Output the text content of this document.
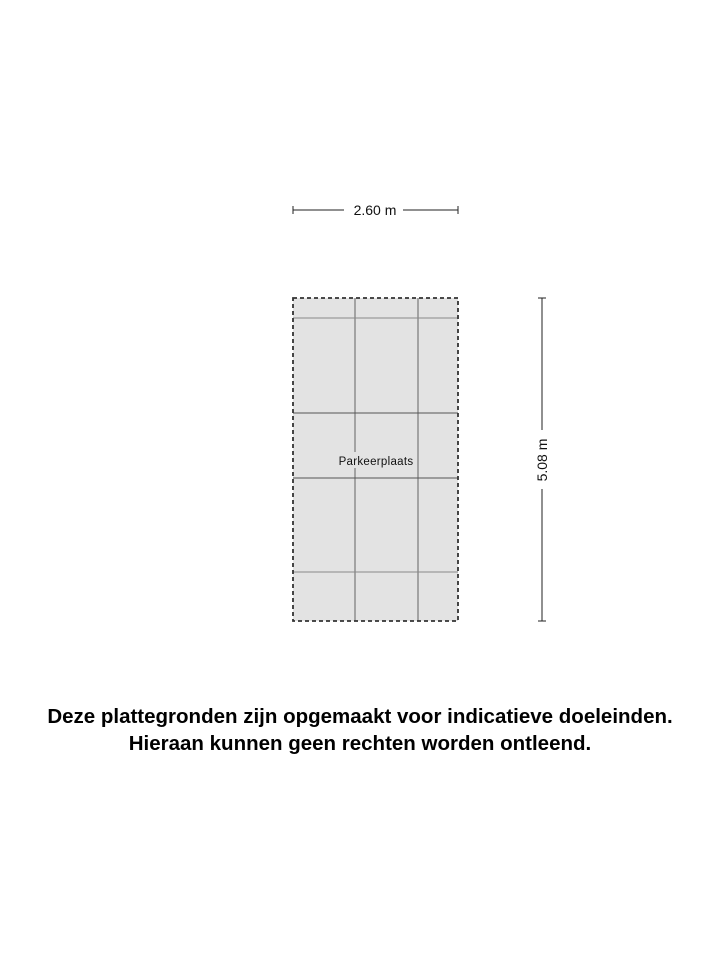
2.60 m
5.08 m
Parkeerplaats
Deze plattegronden zijn opgemaakt voor indicatieve doeleinden.
Hieraan kunnen geen rechten worden ontleend.
